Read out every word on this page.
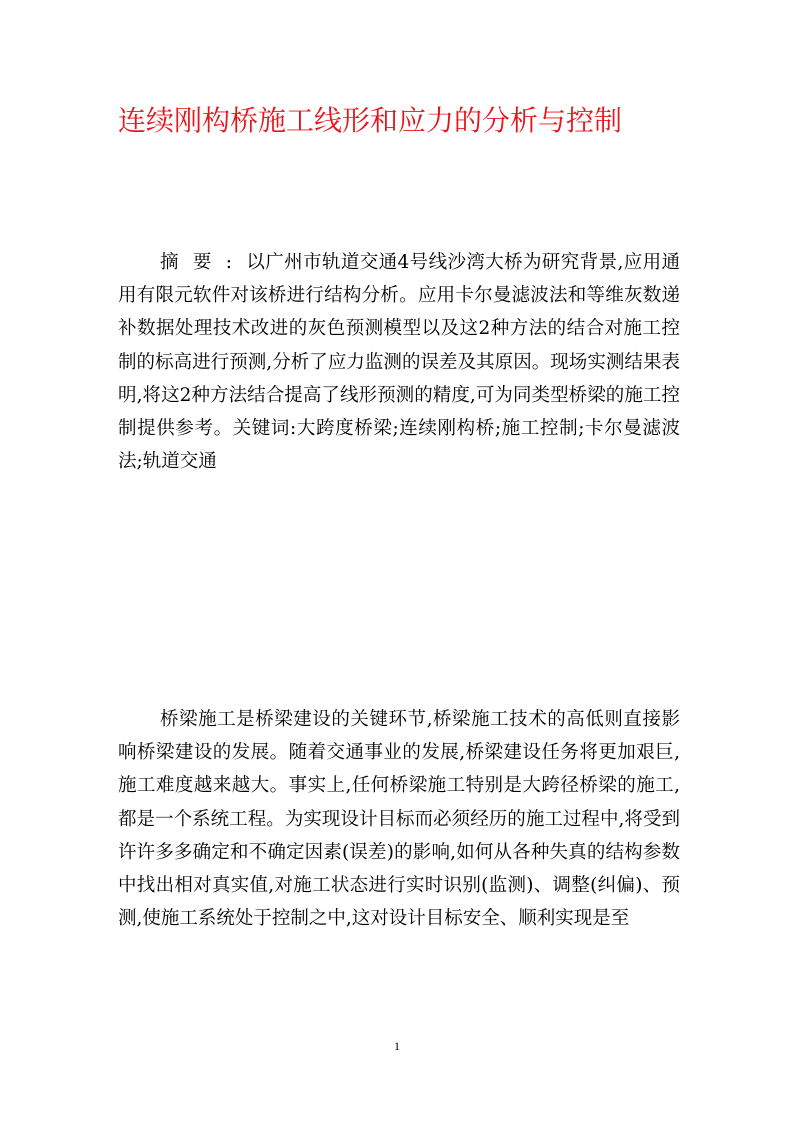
连续刚构桥施工线形和应力的分析与控制

摘要:以广州市轨道交通4号线沙湾大桥为研究背景,应用通用有限元软件对该桥进行结构分析。应用卡尔曼滤波法和等维灰数递补数据处理技术改进的灰色预测模型以及这2种方法的结合对施工控制的标高进行预测,分析了应力监测的误差及其原因。现场实测结果表明,将这2种方法结合提高了线形预测的精度,可为同类型桥梁的施工控制提供参考。关键词:大跨度桥梁;连续刚构桥;施工控制;卡尔曼滤波法;轨道交通

桥梁施工是桥梁建设的关键环节,桥梁施工技术的高低则直接影响桥梁建设的发展。随着交通事业的发展,桥梁建设任务将更加艰巨,施工难度越来越大。事实上,任何桥梁施工特别是大跨径桥梁的施工,都是一个系统工程。为实现设计目标而必须经历的施工过程中,将受到许许多多确定和不确定因素(误差)的影响,如何从各种失真的结构参数中找出相对真实值,对施工状态进行实时识别(监测)、调整(纠偏)、预测,使施工系统处于控制之中,这对设计目标安全、顺利实现是至

1
